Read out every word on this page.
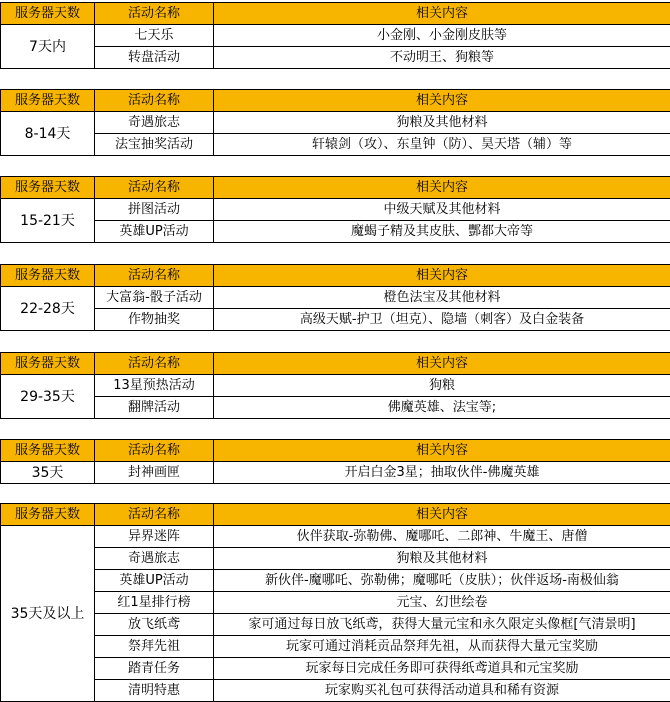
服务器天数	活动名称	相关内容
7天内	七天乐	小金刚、小金刚皮肤等
	转盘活动	不动明王、狗粮等
服务器天数	活动名称	相关内容
8-14天	奇遇旅志	狗粮及其他材料
	法宝抽奖活动	轩辕剑（攻）、东皇钟（防）、昊天塔（辅）等
服务器天数	活动名称	相关内容
15-21天	拼图活动	中级天赋及其他材料
	英雄UP活动	魔蝎子精及其皮肤、酆都大帝等
服务器天数	活动名称	相关内容
22-28天	大富翁-骰子活动	橙色法宝及其他材料
	作物抽奖	高级天赋-护卫（坦克）、隐墙（刺客）及白金装备
服务器天数	活动名称	相关内容
29-35天	13星预热活动	狗粮
	翻牌活动	佛魔英雄、法宝等;
服务器天数	活动名称	相关内容
35天	封神画匣	开启白金3星；抽取伙伴-佛魔英雄
服务器天数	活动名称	相关内容
35天及以上	异界迷阵	伙伴获取-弥勒佛、魔哪吒、二郎神、牛魔王、唐僧
	奇遇旅志	狗粮及其他材料
	英雄UP活动	新伙伴-魔哪吒、弥勒佛；魔哪吒（皮肤）；伙伴返场-南极仙翁
	红1星排行榜	元宝、幻世绘卷
	放飞纸鸢	家可通过每日放飞纸鸢，获得大量元宝和永久限定头像框[气清景明]
	祭拜先祖	玩家可通过消耗贡品祭拜先祖，从而获得大量元宝奖励
	踏青任务	玩家每日完成任务即可获得纸鸢道具和元宝奖励
	清明特惠	玩家购买礼包可获得活动道具和稀有资源
